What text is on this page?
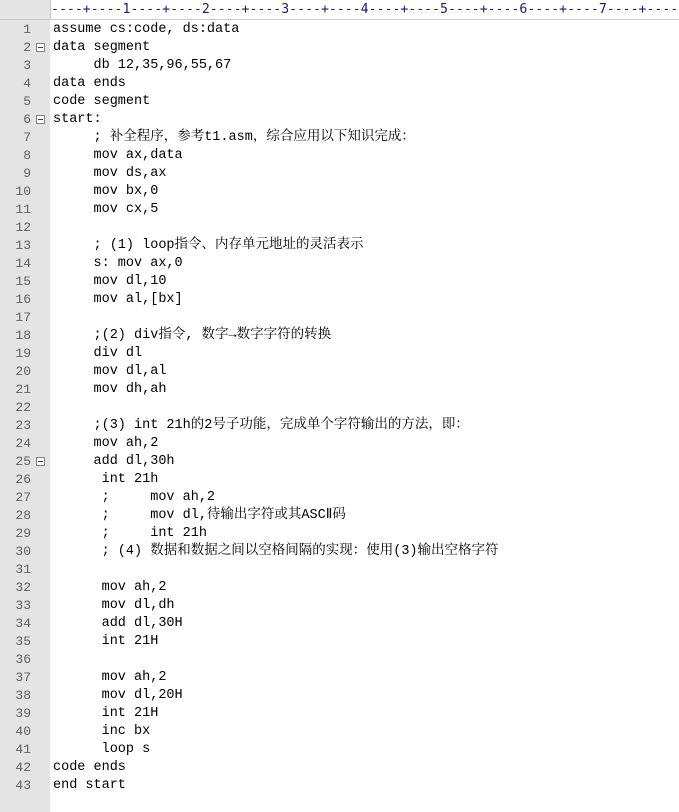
----+----1----+----2----+----3----+----4----+----5----+----6----+----7----+----
1 assume cs:code, ds:data
2 data segment
3 db 12,35,96,55,67
4 data ends
5 code segment
6 start:
7 ; 补全程序，参考t1.asm，综合应用以下知识完成：
8 mov ax,data
9 mov ds,ax
10 mov bx,0
11 mov cx,5
12
13 ; (1) loop指令、内存单元地址的灵活表示
14 s: mov ax,0
15 mov dl,10
16 mov al,[bx]
17
18 ;(2) div指令, 数字→数字字符的转换
19 div dl
20 mov dl,al
21 mov dh,ah
22
23 ;(3) int 21h的2号子功能，完成单个字符输出的方法，即：
24 mov ah,2
25 add dl,30h
26 int 21h
27 ;     mov ah,2
28 ;     mov dl,待输出字符或其ASCⅡ码
29 ;     int 21h
30 ; (4) 数据和数据之间以空格间隔的实现：使用(3)输出空格字符
31
32 mov ah,2
33 mov dl,dh
34 add dl,30H
35 int 21H
36
37 mov ah,2
38 mov dl,20H
39 int 21H
40 inc bx
41 loop s
42 code ends
43 end start
